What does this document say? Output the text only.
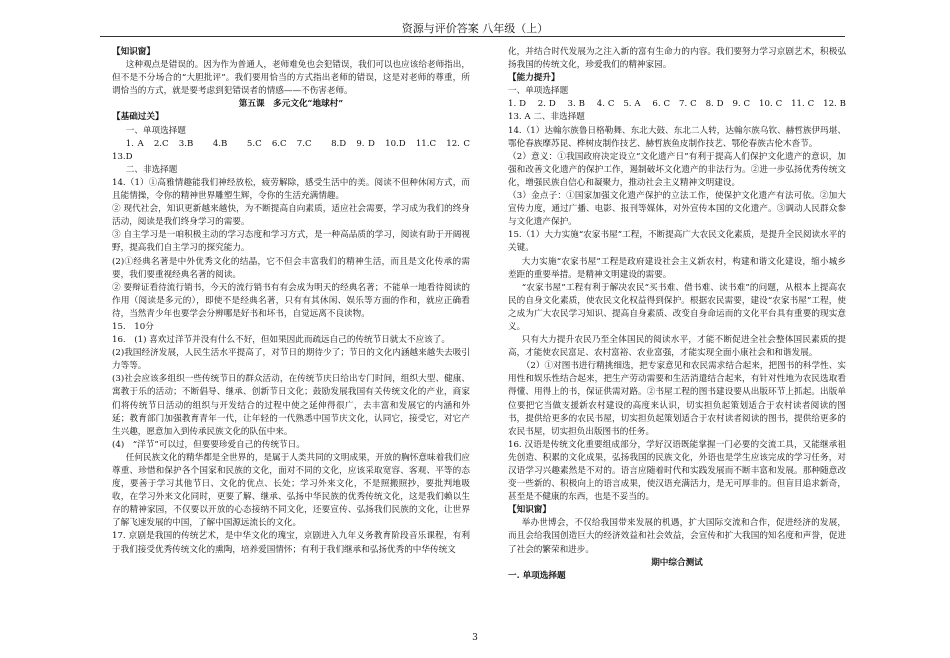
资源与评价答案 八年级（上）

【知识窗】

这种观点是错误的。因为作为普通人，老师难免也会犯错误，我们可以也应该给老师指出，但不是不分场合的“大胆批评”。我们要用恰当的方式指出老师的错误，这是对老师的尊重，所谓恰当的方式，就是要考虑到犯错误者的情感——不伤害老师。

第五课　多元文化“地球村”

【基础过关】

一、单项选择题

1. A　2.C　3.B　　4.B　　5.C　6.C　7.C　　8.D　9. D　10.D　11.C　12. C　13.D

二、非选择题

14.（1）①高雅情趣能我们神经放松，疲劳解除，感受生活中的美。阅读不但种休闲方式，而且能情操，令你的精神世界雕塑生辉，令你的生活充满情趣。

② 现代社会，知识更新越来越快，为不断提高自向素质，适应社会需要，学习成为我们的终身活动，阅读是我们终身学习的需要。

③ 自主学习是一咱积极主动的学习态度和学习方式，是一种高品质的学习，阅读有助于开阔视野，提高我们自主学习的探究能力。

(2)①经典名著是中外优秀文化的结晶，它不但会丰富我们的精神生活，而且是文化传承的需要，我们要重视经典名著的阅读。

② 要辩证看待流行销书，今天的流行销书有有会成为明天的经典名著；不能单一地看待阅读的作用（阅读是多元的），即使不是经典名著，只有有其休闲、娱乐等方面的作和，就应正确看待，当然青少年也要学会分辨哪是好书和坏书，自觉远离不良读物。

15.　10分

16.　(1) 喜欢过洋节并没有什么不好，但如果因此而疏远自己的传统节日就太不应该了。

(2)我国经济发展，人民生活水平提高了，对节日的期待少了；节日的文化内涵越来越失去吸引力等等。

(3)社会应该多组织一些传统节日的群众活动，在传统节庆日给出专门时间，组织大型、健康、寓教于乐的活动；不断倡导、继承、创新节日文化；鼓励发展我国有关传统文化的产业，商家们将传统节日活动的组织与开发结合的过程中使之延伸得很广，去丰富和发展它的内涵和外延；教育部门加强教育青年一代，让年轻的一代熟悉中国节庆文化，认同它，接受它，对它产生兴趣，愿意加入到传承民族文化的队伍中来。

(4)　“洋节”可以过，但要要珍爱自己的传统节日。

任何民族文化的精华都是全世界的，是属于人类共同的文明成果，开放的胸怀意味着我们应尊重、珍惜和保护各个国家和民族的文化，面对不同的文化，应该采取宽容、客观、平等的态度，要善于学习其他节日、文化的优点、长处；学习外来文化，不是照搬照抄，要批判地吸收，在学习外来文化同时，更要了解、继承、弘扬中华民族的优秀传统文化，这是我们赖以生存的精神家园，不仅要以开放的心态接纳不同文化，还要宣传、弘扬我们民族的文化，让世界了解飞速发展的中国，了解中国源远流长的文化。

17. 京剧是我国的传统艺术，是中华文化的瑰宝，京剧进入九年义务教育阶段音乐课程，有利于我们接受优秀传统文化的熏陶，培养爱国情怀；有利于我们继承和弘扬优秀的中华传统文

化，并结合时代发展为之注入新的富有生命力的内容。我们要努力学习京剧艺术，积极弘扬我国的传统文化，珍爱我们的精神家园。

【能力提升】

一、单项选择题

1. D　 2. D　 3. B　 4. C　5. A　 6. C　7. C　8. D　9. C　10. C　11. C　12. B　13. A 二、非选择题

14.（1）达翰尔族鲁日格勒舞、东北大鼓、东北二人转，达翰尔族乌钦、赫哲族伊玛堪、鄂伦春族摩苏昆、桦树皮制作技艺、赫哲族鱼皮制作技艺、鄂伦春族古伦木沓节。

（2）意义：①我国政府决定设立“文化遗产日”有利于提高人们保护文化遗产的意识，加强和改善文化遗产的保护工作，遏制破坏文化遗产的非法行为。②进一步弘扬优秀传统文化，增强民族自信心和凝聚力，推动社会主义精神文明建设。

（3）金点子：①国家加强文化遗产保护的立法工作，使保护文化遗产有法可依。②加大宣传力度，通过广播、电影、报刊等媒体，对外宣传本国的文化遗产。③调动人民群众参与文化遗产保护。

15.（1）大力实施“农家书屋”工程，不断提高广大农民文化素质，是提升全民阅读水平的关键。

大力实施“农家书屋”工程是政府建设社会主义新农村，构建和谐文化建设，缩小城乡差距的重要举措。是精神文明建设的需要。

“农家书屋”工程有利于解决农民“买书难、借书难、读书难”的问题，从根本上提高农民的自身文化素质，使农民文化权益得到保护。根据农民需要，建设“农家书屋”工程，使之成为广大农民学习知识、提高自身素质、改变自身命运而的文化平台具有重要的现实意义。

只有大力提升农民乃至全体国民的阅读水平，才能不断促进全社会整体国民素质的提高，才能使农民富足、农村富裕、农业富强，才能实现全面小康社会和和谐发展。

（2）①对图书进行精挑细选，把专家意见和农民需求结合起来，把图书的科学性、实用性和娱乐性结合起来，把生产劳动需要和生活消遣结合起来，有针对性地为农民选取看得懂、用得上的书，保证供需对路。②书屋工程的图书建设要从出版环节上抓起。出版单位要把它当做支援新农村建设的高度来认识，切实担负起策划适合于农村读者阅读的图书，提供给更多的农民书屋，切实担负起策划适合于农村读者阅读的图书，提供给更多的农民书屋，切实担负出版图书的任务。

16. 汉语是传统文化重要组成部分，学好汉语既能掌握一门必要的交流工具，又能继承祖先创造、积累的文化成果，弘扬我国的民族文化，外语也是学生应该完成的学习任务，对汉语学习兴趣素然是不对的。语言应随着时代和实践发展而不断丰富和发展。那种随意改变一些新的、积极向上的语言成果，使汉语充满活力，是无可厚非的。但盲目追求新奇，甚至是不健康的东西，也是不妥当的。

【知识窗】

举办世博会，不仅给我国带来发展的机遇，扩大国际交流和合作，促进经济的发展，而且会给我国创造巨大的经济效益和社会效益，会宣传和扩大我国的知名度和声誉，促进了社会的繁荣和进步。

期中综合测试

一. 单项选择题

3
